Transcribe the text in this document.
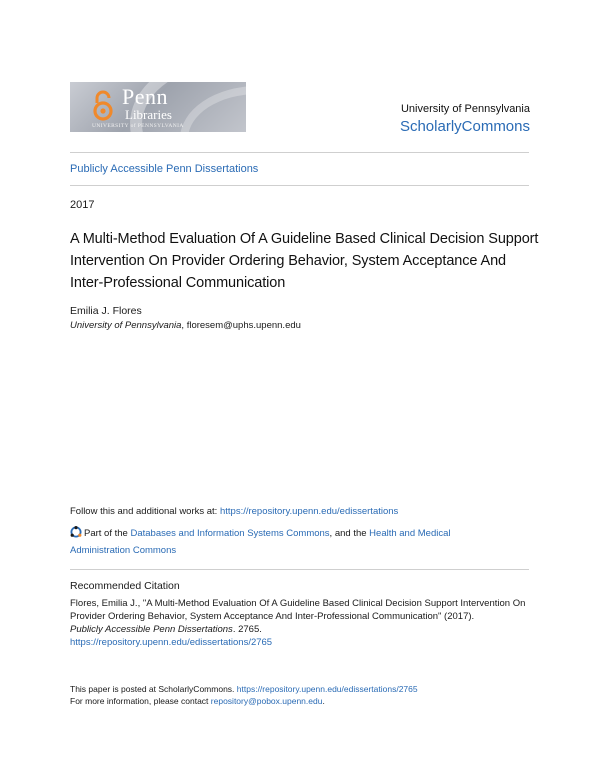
Penn
Libraries
UNIVERSITY of PENNSYLVANIA
University of Pennsylvania
ScholarlyCommons
Publicly Accessible Penn Dissertations
2017
A Multi-Method Evaluation Of A Guideline Based Clinical Decision Support Intervention On Provider Ordering Behavior, System Acceptance And Inter-Professional Communication
Emilia J. Flores
University of Pennsylvania, floresem@uphs.upenn.edu
Follow this and additional works at: https://repository.upenn.edu/edissertations
Part of the Databases and Information Systems Commons, and the Health and Medical Administration Commons
Recommended Citation
Flores, Emilia J., "A Multi-Method Evaluation Of A Guideline Based Clinical Decision Support Intervention On Provider Ordering Behavior, System Acceptance And Inter-Professional Communication" (2017).
Publicly Accessible Penn Dissertations. 2765.
https://repository.upenn.edu/edissertations/2765
This paper is posted at ScholarlyCommons. https://repository.upenn.edu/edissertations/2765
For more information, please contact repository@pobox.upenn.edu.
